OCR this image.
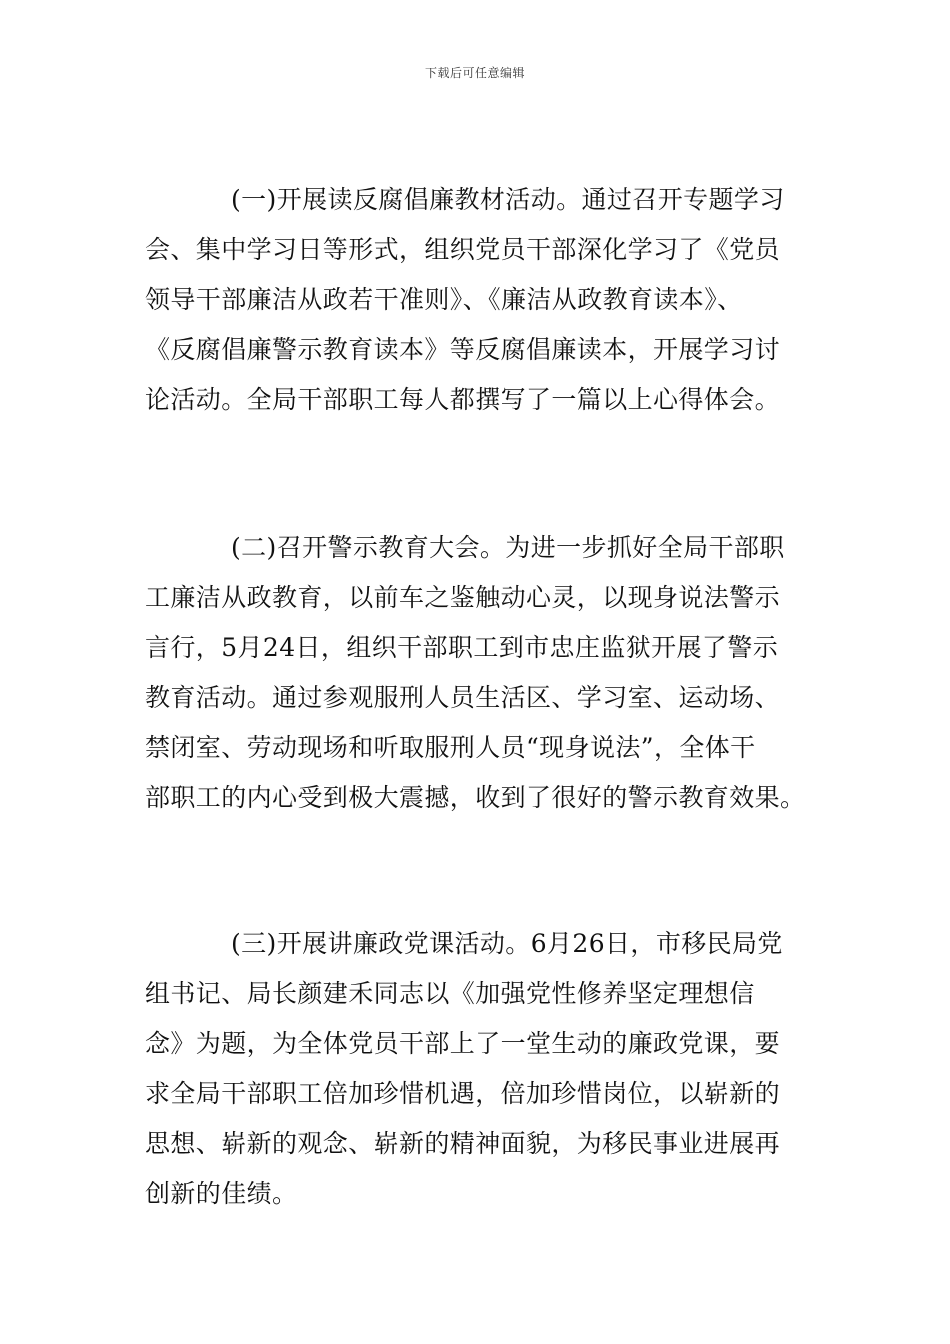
下载后可任意编辑
(一)开展读反腐倡廉教材活动。通过召开专题学习
会、集中学习日等形式，组织党员干部深化学习了《党员
领导干部廉洁从政若干准则》、《廉洁从政教育读本》、
《反腐倡廉警示教育读本》等反腐倡廉读本，开展学习讨
论活动。全局干部职工每人都撰写了一篇以上心得体会。
(二)召开警示教育大会。为进一步抓好全局干部职
工廉洁从政教育，以前车之鉴触动心灵，以现身说法警示
言行，5月24日，组织干部职工到市忠庄监狱开展了警示
教育活动。通过参观服刑人员生活区、学习室、运动场、
禁闭室、劳动现场和听取服刑人员“现身说法”，全体干
部职工的内心受到极大震撼，收到了很好的警示教育效果。
(三)开展讲廉政党课活动。6月26日，市移民局党
组书记、局长颜建禾同志以《加强党性修养坚定理想信
念》为题，为全体党员干部上了一堂生动的廉政党课，要
求全局干部职工倍加珍惜机遇，倍加珍惜岗位，以崭新的
思想、崭新的观念、崭新的精神面貌，为移民事业进展再
创新的佳绩。
